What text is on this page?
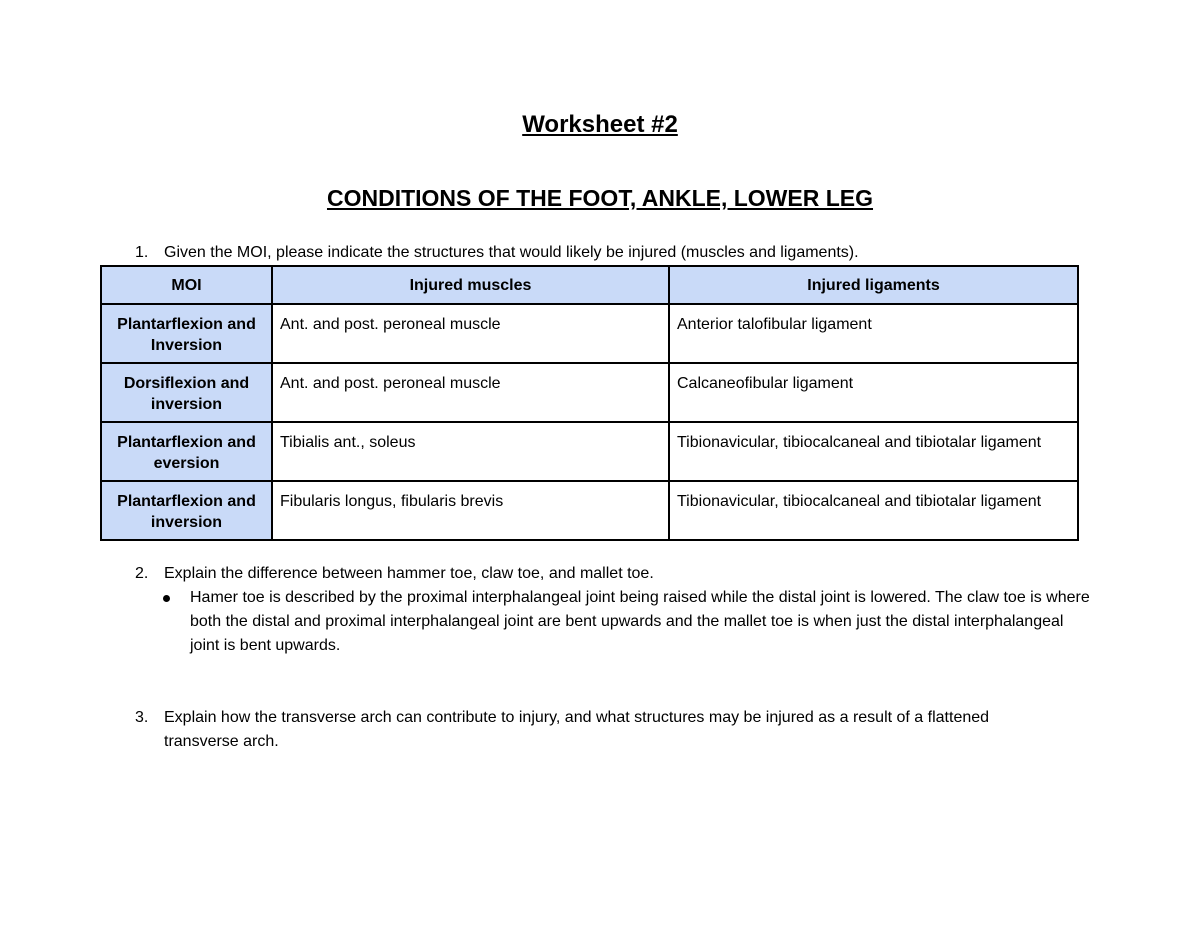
Worksheet #2
CONDITIONS OF THE FOOT, ANKLE, LOWER LEG
1. Given the MOI, please indicate the structures that would likely be injured (muscles and ligaments).
MOI	Injured muscles	Injured ligaments
Plantarflexion and Inversion	Ant. and post. peroneal muscle	Anterior talofibular ligament
Dorsiflexion and inversion	Ant. and post. peroneal muscle	Calcaneofibular ligament
Plantarflexion and eversion	Tibialis ant., soleus	Tibionavicular, tibiocalcaneal and tibiotalar ligament
Plantarflexion and inversion	Fibularis longus, fibularis brevis	Tibionavicular, tibiocalcaneal and tibiotalar ligament
2. Explain the difference between hammer toe, claw toe, and mallet toe.
Hamer toe is described by the proximal interphalangeal joint being raised while the distal joint is lowered. The claw toe is where both the distal and proximal interphalangeal joint are bent upwards and the mallet toe is when just the distal interphalangeal joint is bent upwards.
3. Explain how the transverse arch can contribute to injury, and what structures may be injured as a result of a flattened transverse arch.
